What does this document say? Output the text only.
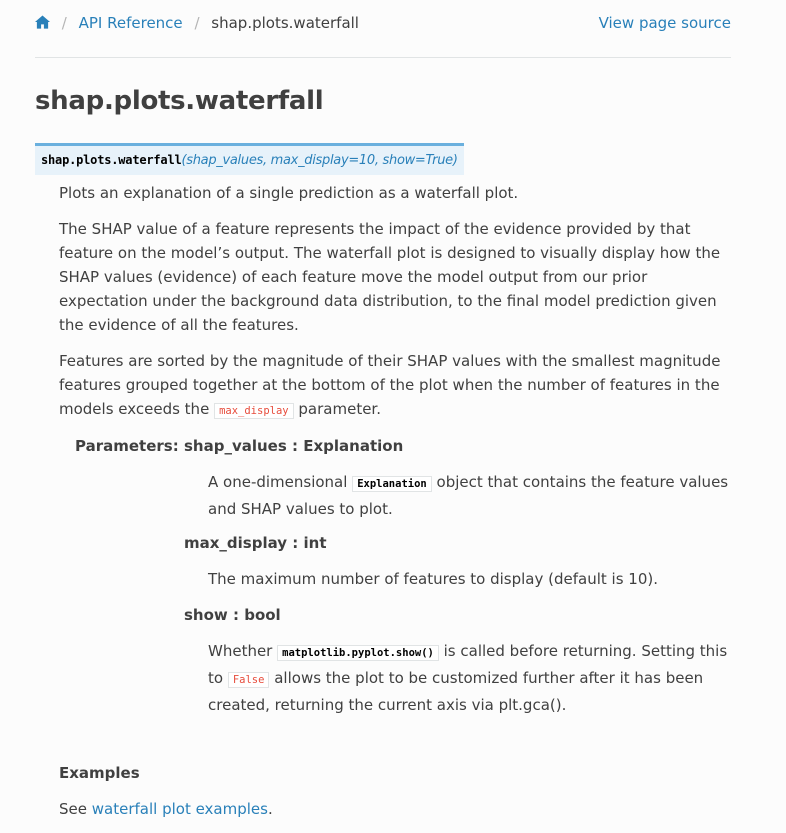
/ API Reference / shap.plots.waterfall	View page source
shap.plots.waterfall
shap.plots.waterfall(shap_values, max_display=10, show=True)

Plots an explanation of a single prediction as a waterfall plot.

The SHAP value of a feature represents the impact of the evidence provided by that feature on the model’s output. The waterfall plot is designed to visually display how the SHAP values (evidence) of each feature move the model output from our prior expectation under the background data distribution, to the final model prediction given the evidence of all the features.

Features are sorted by the magnitude of their SHAP values with the smallest magnitude features grouped together at the bottom of the plot when the number of features in the models exceeds the max_display parameter.

Parameters: shap_values : Explanation
A one-dimensional Explanation object that contains the feature values and SHAP values to plot.
max_display : int
The maximum number of features to display (default is 10).
show : bool
Whether matplotlib.pyplot.show() is called before returning. Setting this to False allows the plot to be customized further after it has been created, returning the current axis via plt.gca().
Examples
See waterfall plot examples.
